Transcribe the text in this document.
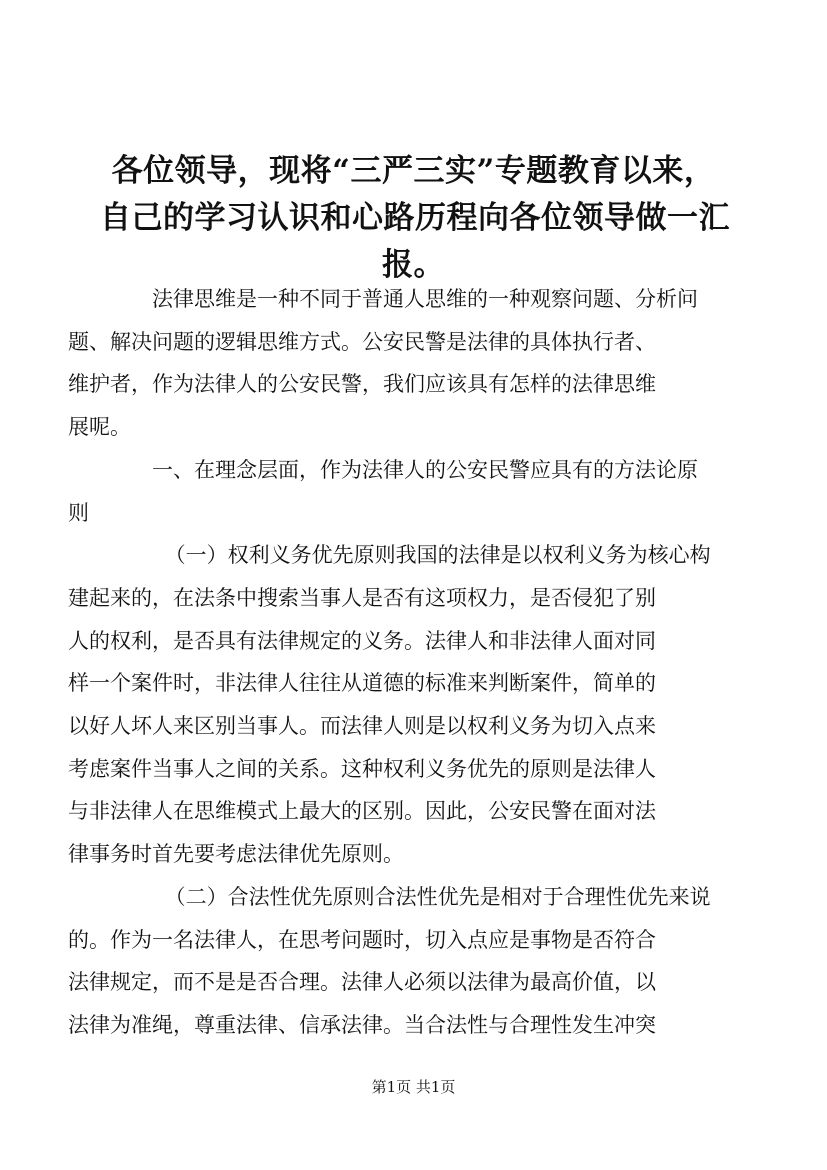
各位领导，现将“三严三实”专题教育以来，
自己的学习认识和心路历程向各位领导做一汇
报。

法律思维是一种不同于普通人思维的一种观察问题、分析问
题、解决问题的逻辑思维方式。公安民警是法律的具体执行者、
维护者，作为法律人的公安民警，我们应该具有怎样的法律思维
展呢。

一、在理念层面，作为法律人的公安民警应具有的方法论原
则

（一）权利义务优先原则我国的法律是以权利义务为核心构
建起来的，在法条中搜索当事人是否有这项权力，是否侵犯了别
人的权利，是否具有法律规定的义务。法律人和非法律人面对同
样一个案件时，非法律人往往从道德的标准来判断案件，简单的
以好人坏人来区别当事人。而法律人则是以权利义务为切入点来
考虑案件当事人之间的关系。这种权利义务优先的原则是法律人
与非法律人在思维模式上最大的区别。因此，公安民警在面对法
律事务时首先要考虑法律优先原则。

（二）合法性优先原则合法性优先是相对于合理性优先来说
的。作为一名法律人，在思考问题时，切入点应是事物是否符合
法律规定，而不是是否合理。法律人必须以法律为最高价值，以
法律为准绳，尊重法律、信承法律。当合法性与合理性发生冲突

第1页 共1页
